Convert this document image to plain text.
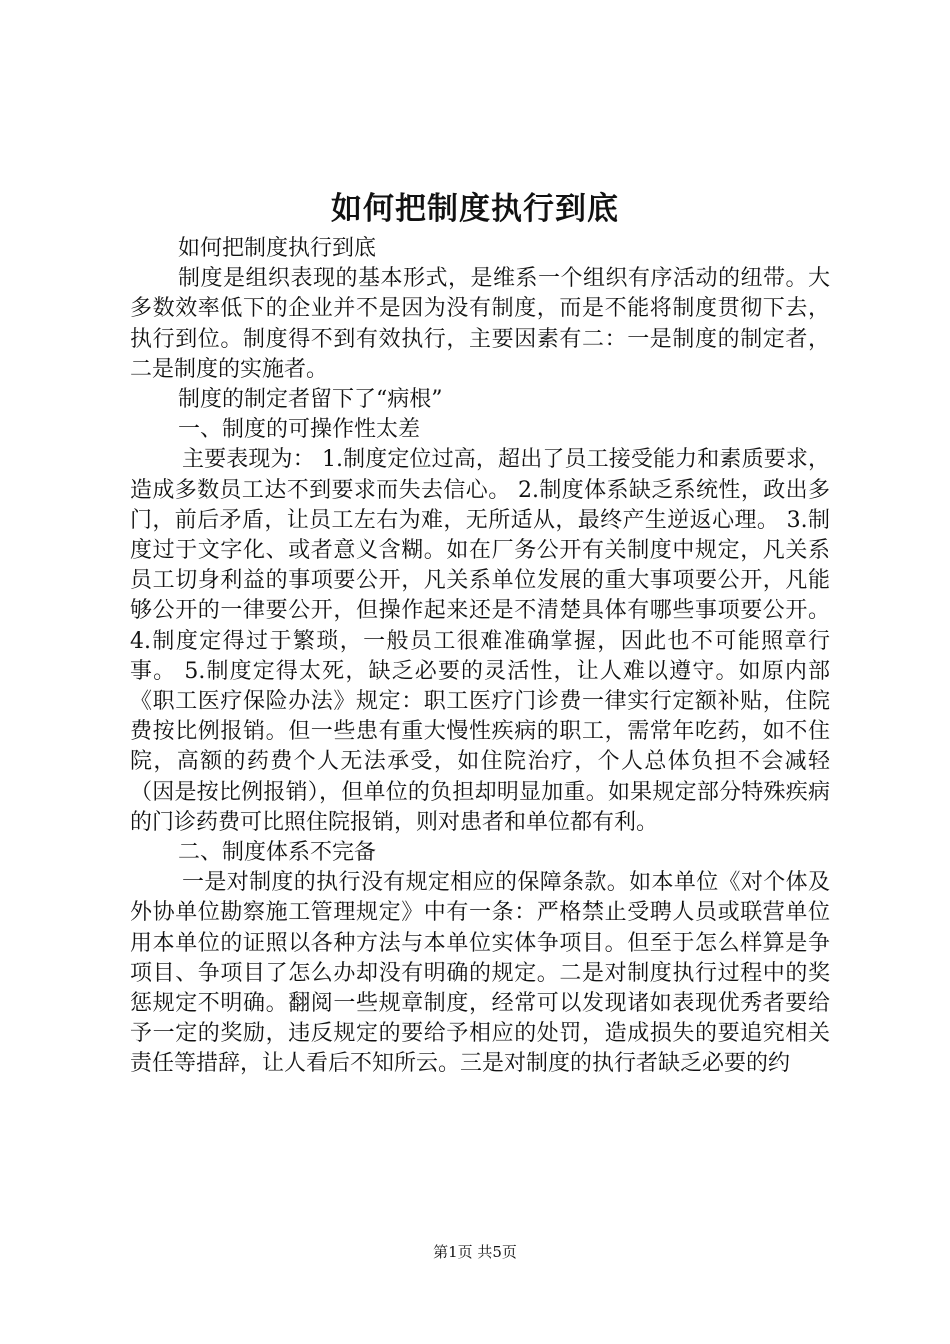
如何把制度执行到底

如何把制度执行到底

制度是组织表现的基本形式，是维系一个组织有序活动的纽带。大多数效率低下的企业并不是因为没有制度，而是不能将制度贯彻下去，执行到位。制度得不到有效执行，主要因素有二：一是制度的制定者，二是制度的实施者。

制度的制定者留下了“病根”

一、制度的可操作性太差

主要表现为： 1.制度定位过高，超出了员工接受能力和素质要求，造成多数员工达不到要求而失去信心。 2.制度体系缺乏系统性，政出多门，前后矛盾，让员工左右为难，无所适从，最终产生逆返心理。 3.制度过于文字化、或者意义含糊。如在厂务公开有关制度中规定，凡关系员工切身利益的事项要公开，凡关系单位发展的重大事项要公开，凡能够公开的一律要公开，但操作起来还是不清楚具体有哪些事项要公开。 4.制度定得过于繁琐，一般员工很难准确掌握，因此也不可能照章行事。 5.制度定得太死，缺乏必要的灵活性，让人难以遵守。如原内部《职工医疗保险办法》规定：职工医疗门诊费一律实行定额补贴，住院费按比例报销。但一些患有重大慢性疾病的职工，需常年吃药，如不住院，高额的药费个人无法承受，如住院治疗，个人总体负担不会减轻（因是按比例报销），但单位的负担却明显加重。如果规定部分特殊疾病的门诊药费可比照住院报销，则对患者和单位都有利。

二、制度体系不完备

一是对制度的执行没有规定相应的保障条款。如本单位《对个体及外协单位勘察施工管理规定》中有一条：严格禁止受聘人员或联营单位用本单位的证照以各种方法与本单位实体争项目。但至于怎么样算是争项目、争项目了怎么办却没有明确的规定。二是对制度执行过程中的奖惩规定不明确。翻阅一些规章制度，经常可以发现诸如表现优秀者要给予一定的奖励，违反规定的要给予相应的处罚，造成损失的要追究相关责任等措辞，让人看后不知所云。三是对制度的执行者缺乏必要的约

第1页 共5页
